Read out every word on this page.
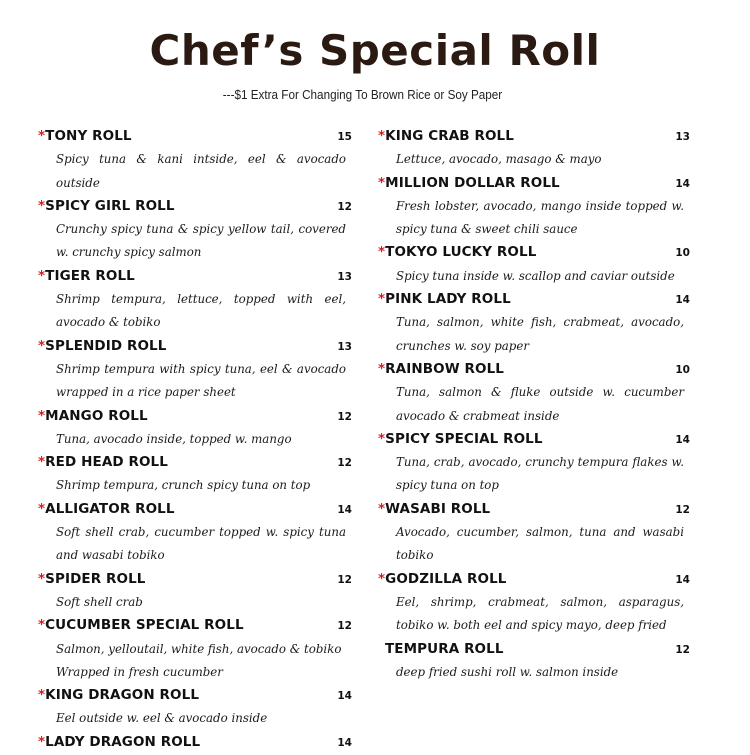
Chef’s Special Roll
---$1 Extra For Changing To Brown Rice or Soy Paper
*TONY ROLL	15
Spicy tuna & kani intside, eel & avocado outside
*SPICY GIRL ROLL	12
Crunchy spicy tuna & spicy yellow tail, covered w. crunchy spicy salmon
*TIGER ROLL	13
Shrimp tempura, lettuce, topped with eel, avocado & tobiko
*SPLENDID ROLL	13
Shrimp tempura with spicy tuna, eel & avocado wrapped in a rice paper sheet
*MANGO ROLL	12
Tuna, avocado inside, topped w. mango
*RED HEAD ROLL	12
Shrimp tempura, crunch spicy tuna on top
*ALLIGATOR ROLL	14
Soft shell crab, cucumber topped w. spicy tuna and wasabi tobiko
*SPIDER ROLL	12
Soft shell crab
*CUCUMBER SPECIAL ROLL	12
Salmon, yelloutail, white fish, avocado & tobiko
Wrapped in fresh cucumber
*KING DRAGON ROLL	14
Eel outside w. eel & avocado inside
*LADY DRAGON ROLL	14
*KING CRAB ROLL	13
Lettuce, avocado, masago & mayo
*MILLION DOLLAR ROLL	14
Fresh lobster, avocado, mango inside topped w. spicy tuna & sweet chili sauce
*TOKYO LUCKY ROLL	10
Spicy tuna inside w. scallop and caviar outside
*PINK LADY ROLL	14
Tuna, salmon, white fish, crabmeat, avocado, crunches w. soy paper
*RAINBOW ROLL	10
Tuna, salmon & fluke outside w. cucumber avocado & crabmeat inside
*SPICY SPECIAL ROLL	14
Tuna, crab, avocado, crunchy tempura flakes w. spicy tuna on top
*WASABI ROLL	12
Avocado, cucumber, salmon, tuna and wasabi tobiko
*GODZILLA ROLL	14
Eel, shrimp, crabmeat, salmon, asparagus, tobiko w. both eel and spicy mayo, deep fried
TEMPURA ROLL	12
deep fried sushi roll w. salmon inside
